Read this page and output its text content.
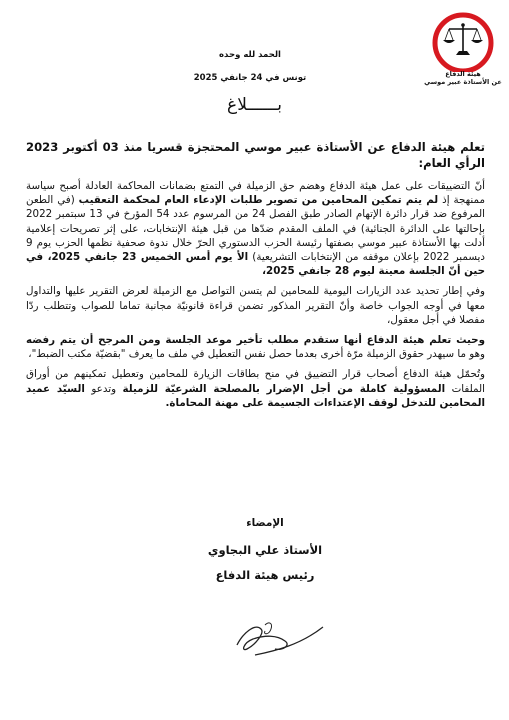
هيئة الدفاع
عن الأستاذة عبير موسي
الحمد لله وحده
تونس في 24 جانفي 2025
بــــــلاغ

تعلم هيئة الدفاع عن الأستاذة عبير موسي المحتجزة قسريا منذ 03 أكتوبر 2023 الرأي العام:

أنّ التضييقات على عمل هيئة الدفاع وهضم حق الزميلة في التمتع بضمانات المحاكمة العادلة أصبح سياسة ممنهجة إذ لم يتم تمكين المحامين من تصوير طلبات الإدعاء العام لمحكمة التعقيب (في الطعن المرفوع ضد قرار دائرة الإتهام الصادر طبق الفصل 24 من المرسوم عدد 54 المؤرخ في 13 سبتمبر 2022 بإحالتها على الدائرة الجنائية) في الملف المقدم ضدّها من قبل هيئة الإنتخابات، على إثر تصريحات إعلامية أدلت بها الأستاذة عبير موسي بصفتها رئيسة الحزب الدستوري الحرّ خلال ندوة صحفية نظمها الحزب يوم 9 ديسمبر 2022 بإعلان موقفه من الإنتخابات التشريعية) الأ يوم أمس الخميس 23 جانفي 2025، في حين أنّ الجلسة معينة ليوم 28 جانفي 2025،

وفي إطار تحديد عدد الزيارات اليومية للمحامين لم يتسن التواصل مع الزميلة لعرض التقرير عليها والتداول معها في أوجه الجواب خاصة وأنّ التقرير المذكور تضمن قراءة قانونيّة مجانبة تماما للصواب وتتطلب ردّا مفصلا في أجل معقول،

وحيث تعلم هيئة الدفاع أنها ستقدم مطلب تأخير موعد الجلسة ومن المرجح أن يتم رفضه وهو ما سيهدر حقوق الزميلة مرّة أخرى بعدما حصل نفس التعطيل في ملف ما يعرف "بقضيّة مكتب الضبط"،

وتُحمّل هيئة الدفاع أصحاب قرار التضييق في منح بطاقات الزيارة للمحامين وتعطيل تمكينهم من أوراق الملفات المسؤولية كاملة من أجل الإضرار بالمصلحة الشرعيّة للزميلة وتدعو السيّد عميد المحامين للتدخل لوقف الإعتداءات الجسيمة على مهنة المحاماة.

الإمضاء
الأستاذ علي البجاوي
رئيس هيئة الدفاع
